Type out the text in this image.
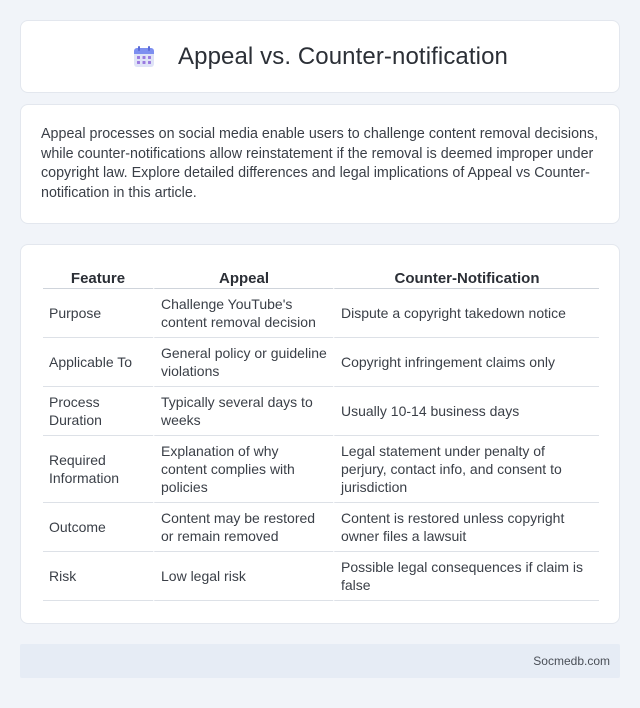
Appeal vs. Counter-notification

Appeal processes on social media enable users to challenge content removal decisions, while counter-notifications allow reinstatement if the removal is deemed improper under copyright law. Explore detailed differences and legal implications of Appeal vs Counter-notification in this article.

Feature	Appeal	Counter-Notification
Purpose	Challenge YouTube's content removal decision	Dispute a copyright takedown notice
Applicable To	General policy or guideline violations	Copyright infringement claims only
Process Duration	Typically several days to weeks	Usually 10-14 business days
Required Information	Explanation of why content complies with policies	Legal statement under penalty of perjury, contact info, and consent to jurisdiction
Outcome	Content may be restored or remain removed	Content is restored unless copyright owner files a lawsuit
Risk	Low legal risk	Possible legal consequences if claim is false
Socmedb.com
